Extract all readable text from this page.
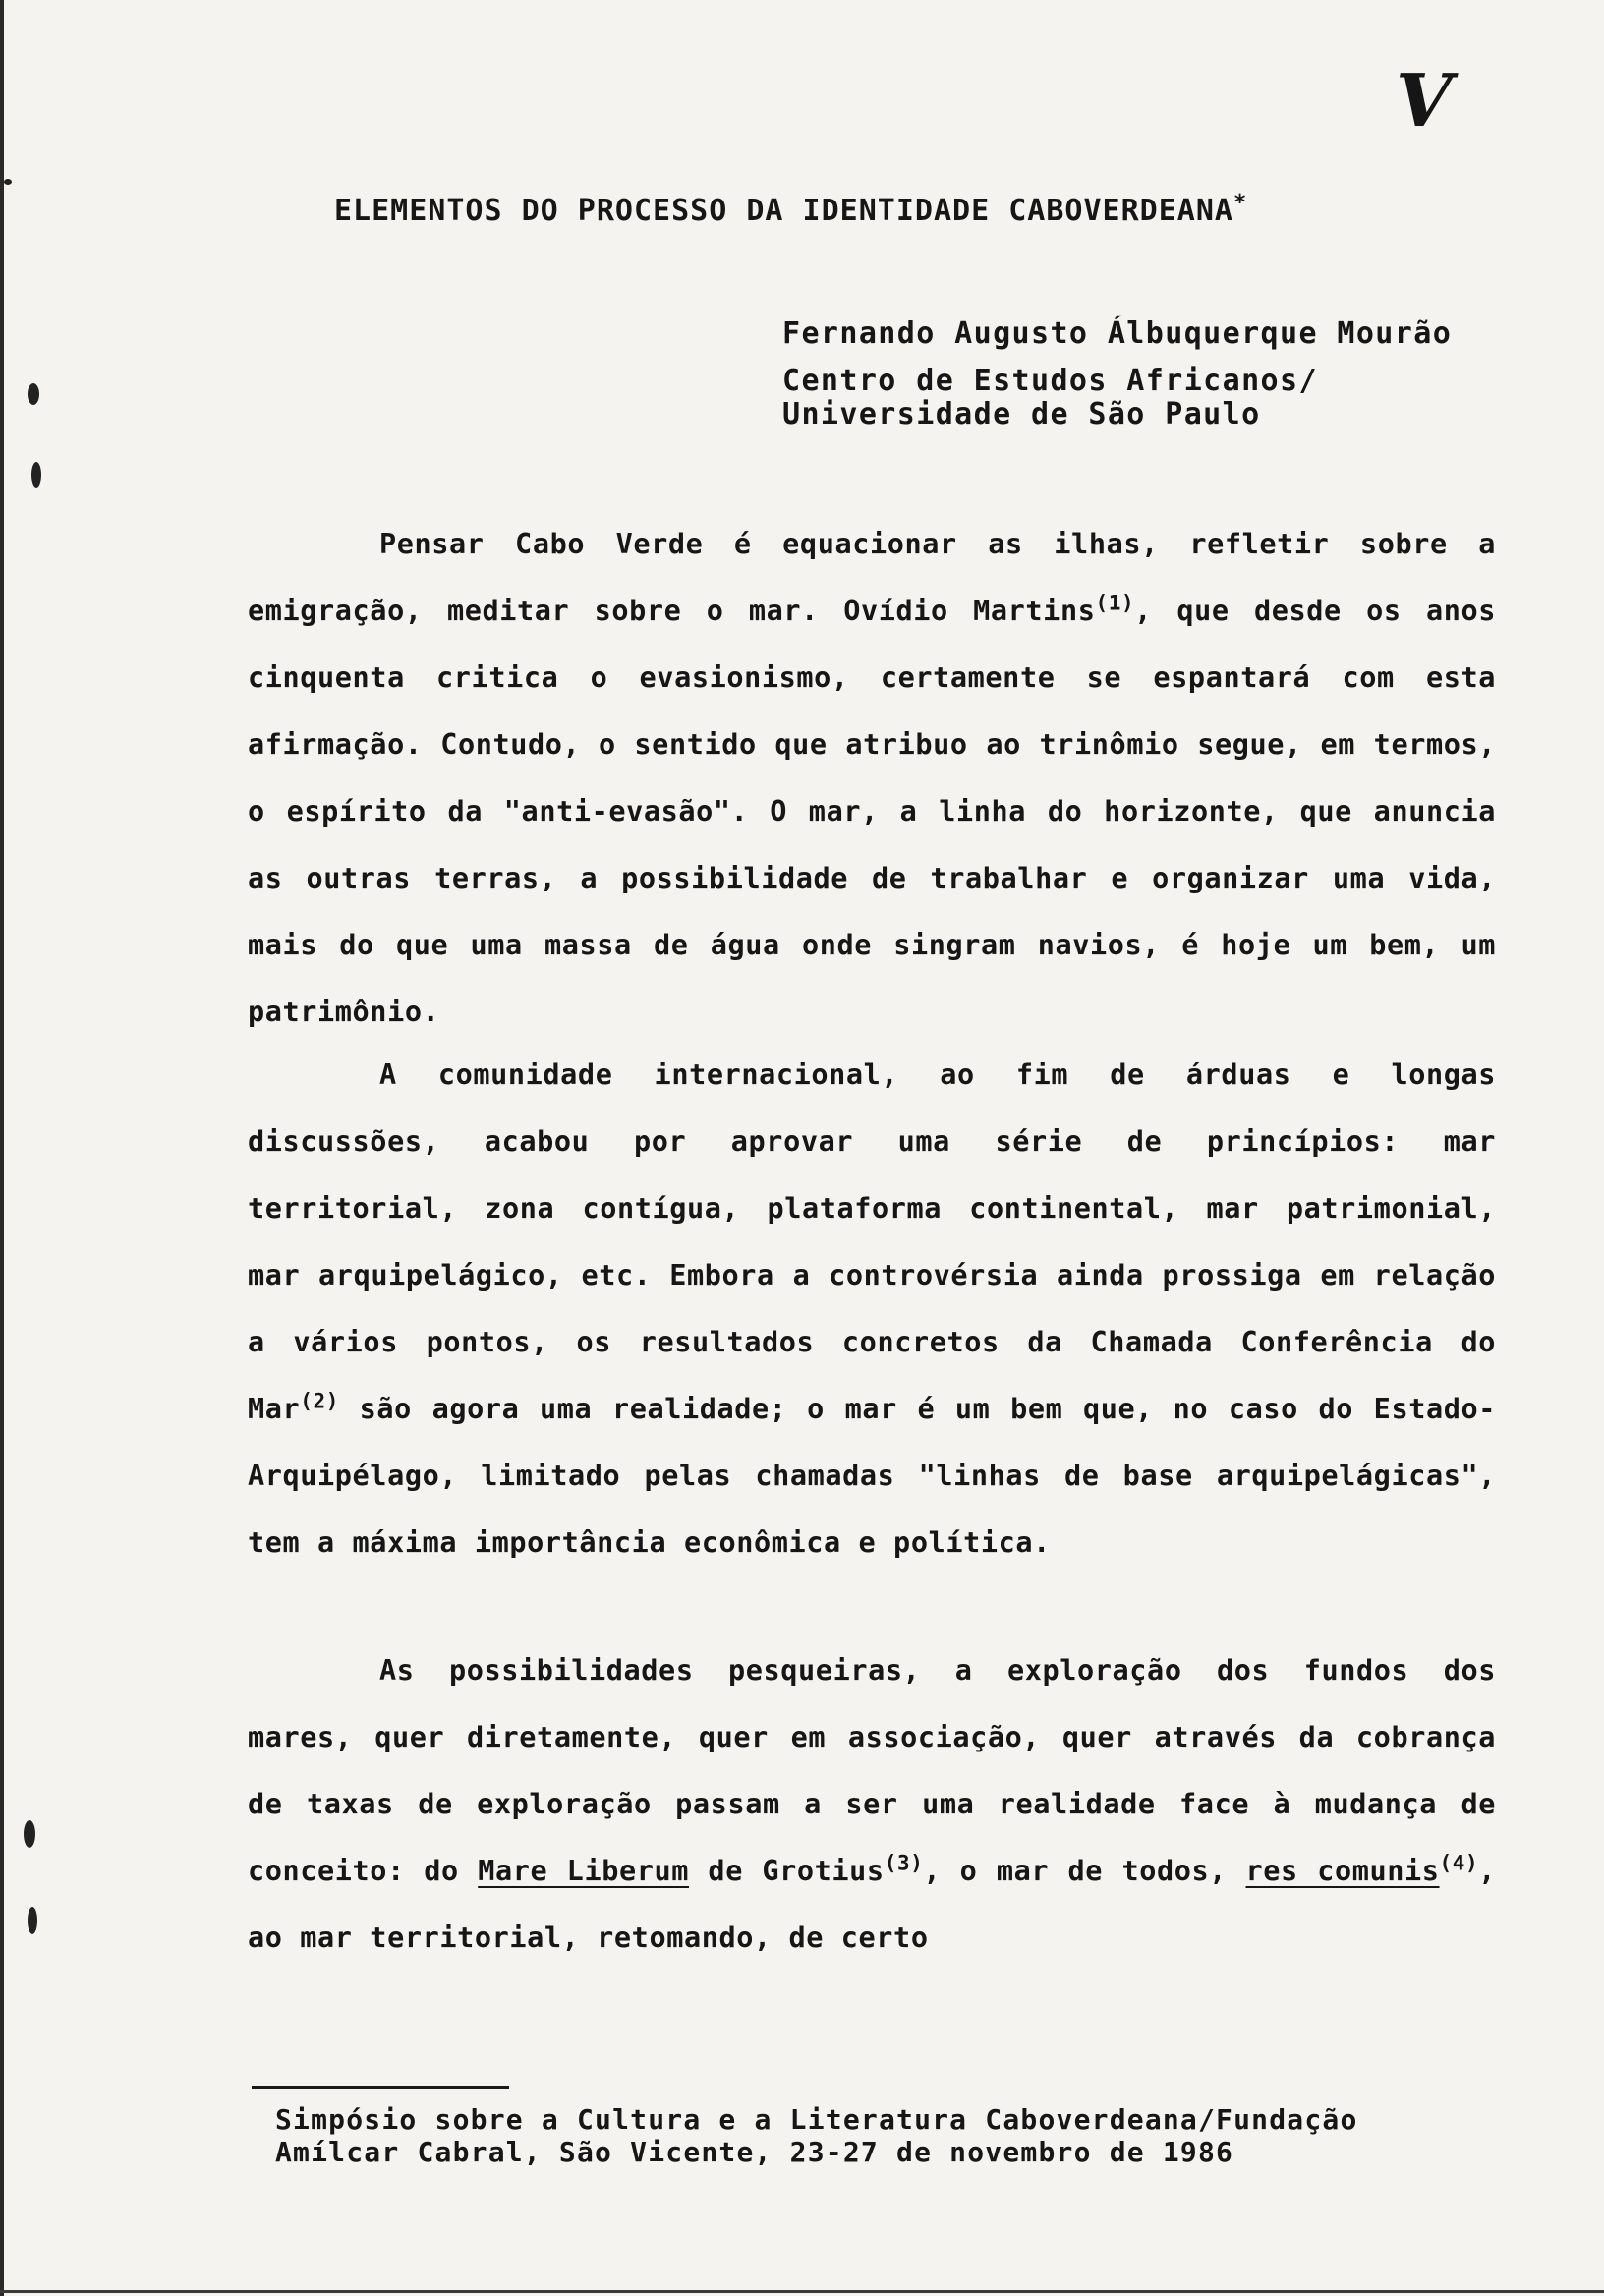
V
ELEMENTOS DO PROCESSO DA IDENTIDADE CABOVERDEANA*
Fernando Augusto Álbuquerque Mourão
Centro de Estudos Africanos/
Universidade de São Paulo

Pensar Cabo Verde é equacionar as ilhas, refletir sobre a emigração, meditar sobre o mar. Ovídio Martins$^{(1)}$, que desde os anos cinquenta critica o evasionismo, certamente se espantará com esta afirmação. Contudo, o sentido que atribuo ao trinômio segue, em termos, o espírito da "anti-evasão". O mar, a linha do horizonte, que anuncia as outras terras, a possibilidade de trabalhar e organizar uma vida, mais do que uma massa de água onde singram navios, é hoje um bem, um patrimônio.

A comunidade internacional, ao fim de árduas e longas discussões, acabou por aprovar uma série de princípios: mar territorial, zona contígua, plataforma continental, mar patrimonial, mar arquipelágico, etc. Embora a controvérsia ainda prossiga em relação a vários pontos, os resultados concretos da Chamada Conferência do Mar$^{(2)}$ são agora uma realidade; o mar é um bem que, no caso do Estado-Arquipélago, limitado pelas chamadas "linhas de base arquipelágicas", tem a máxima importância econômica e política.

As possibilidades pesqueiras, a exploração dos fundos dos mares, quer diretamente, quer em associação, quer através da cobrança de taxas de exploração passam a ser uma realidade face à mudança de conceito: do Mare Liberum de Grotius$^{(3)}$, o mar de todos, res comunis$^{(4)}$, ao mar territorial, retomando, de certo

Simpósio sobre a Cultura e a Literatura Caboverdeana/Fundação Amílcar Cabral, São Vicente, 23-27 de novembro de 1986
